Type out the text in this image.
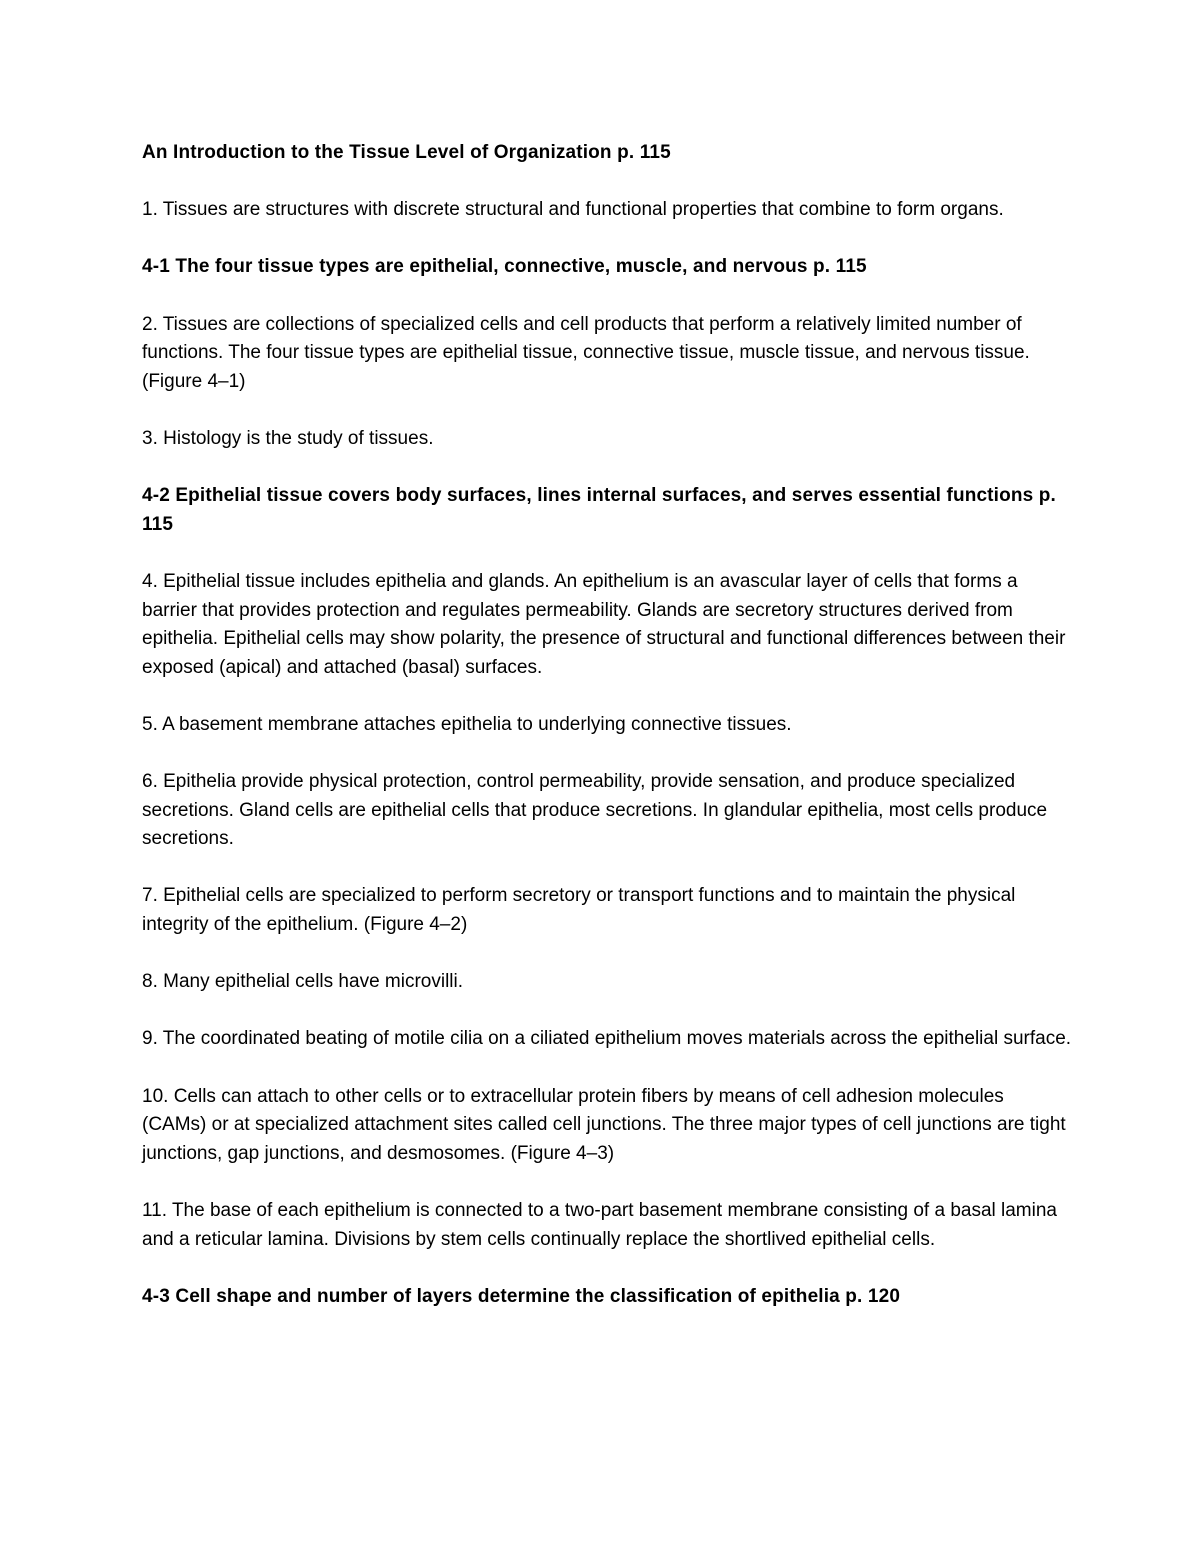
An Introduction to the Tissue Level of Organization p. 115
1. Tissues are structures with discrete structural and functional properties that combine to form organs.
4-1 The four tissue types are epithelial, connective, muscle, and nervous p. 115
2. Tissues are collections of specialized cells and cell products that perform a relatively limited number of functions. The four tissue types are epithelial tissue, connective tissue, muscle tissue, and nervous tissue. (Figure 4–1)
3. Histology is the study of tissues.
4-2 Epithelial tissue covers body surfaces, lines internal surfaces, and serves essential functions p. 115
4. Epithelial tissue includes epithelia and glands. An epithelium is an avascular layer of cells that forms a barrier that provides protection and regulates permeability. Glands are secretory structures derived from epithelia. Epithelial cells may show polarity, the presence of structural and functional differences between their exposed (apical) and attached (basal) surfaces.
5. A basement membrane attaches epithelia to underlying connective tissues.
6. Epithelia provide physical protection, control permeability, provide sensation, and produce specialized secretions. Gland cells are epithelial cells that produce secretions. In glandular epithelia, most cells produce secretions.
7. Epithelial cells are specialized to perform secretory or transport functions and to maintain the physical integrity of the epithelium. (Figure 4–2)
8. Many epithelial cells have microvilli.
9. The coordinated beating of motile cilia on a ciliated epithelium moves materials across the epithelial surface.
10. Cells can attach to other cells or to extracellular protein fibers by means of cell adhesion molecules (CAMs) or at specialized attachment sites called cell junctions. The three major types of cell junctions are tight junctions, gap junctions, and desmosomes. (Figure 4–3)
11. The base of each epithelium is connected to a two-part basement membrane consisting of a basal lamina and a reticular lamina. Divisions by stem cells continually replace the shortlived epithelial cells.
4-3 Cell shape and number of layers determine the classification of epithelia p. 120
